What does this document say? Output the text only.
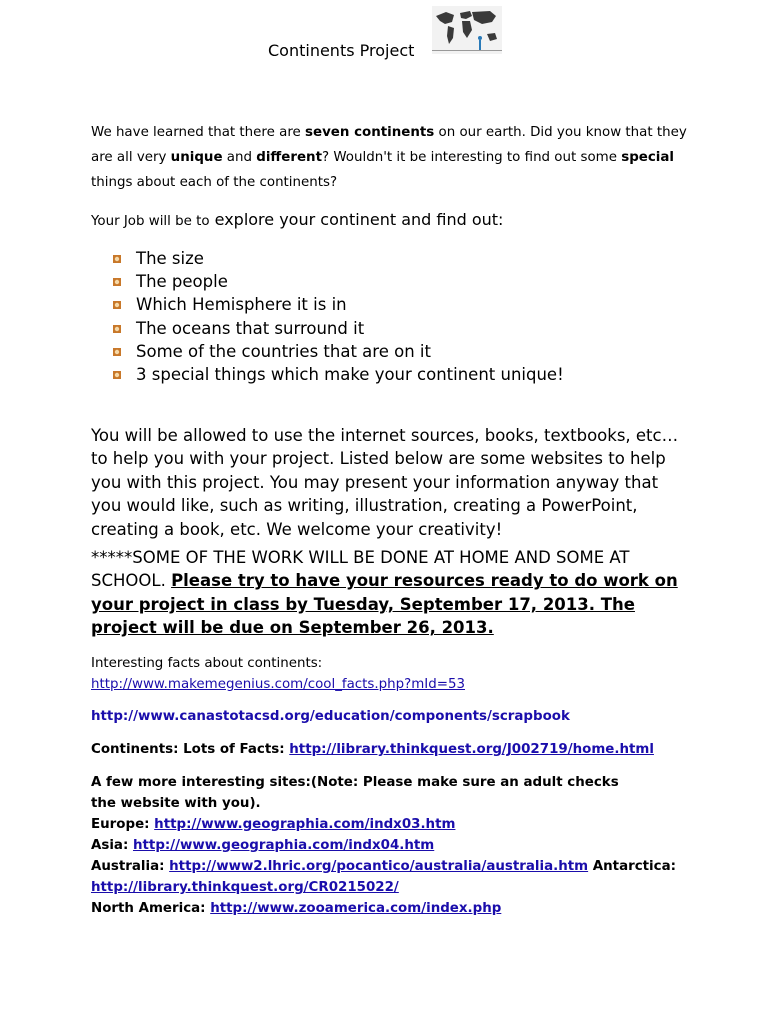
Continents Project
We have learned that there are seven continents on our earth. Did you know that they are all very unique and different? Wouldn't it be interesting to find out some special things about each of the continents?
Your Job will be to explore your continent and find out:
The size
The people
Which Hemisphere it is in
The oceans that surround it
Some of the countries that are on it
3 special things which make your continent unique!
You will be allowed to use the internet sources, books, textbooks, etc… to help you with your project. Listed below are some websites to help you with this project. You may present your information anyway that you would like, such as writing, illustration, creating a PowerPoint, creating a book, etc. We welcome your creativity!
*****SOME OF THE WORK WILL BE DONE AT HOME AND SOME AT SCHOOL. Please try to have your resources ready to do work on your project in class by Tuesday, September 17, 2013. The project will be due on September 26, 2013.
Interesting facts about continents:
http://www.makemegenius.com/cool_facts.php?mId=53
http://www.canastotacsd.org/education/components/scrapbook
Continents: Lots of Facts: http://library.thinkquest.org/J002719/home.html
A few more interesting sites:(Note: Please make sure an adult checks the website with you).
Europe: http://www.geographia.com/indx03.htm
Asia: http://www.geographia.com/indx04.htm
Australia: http://www2.lhric.org/pocantico/australia/australia.htm Antarctica:
http://library.thinkquest.org/CR0215022/
North America: http://www.zooamerica.com/index.php
